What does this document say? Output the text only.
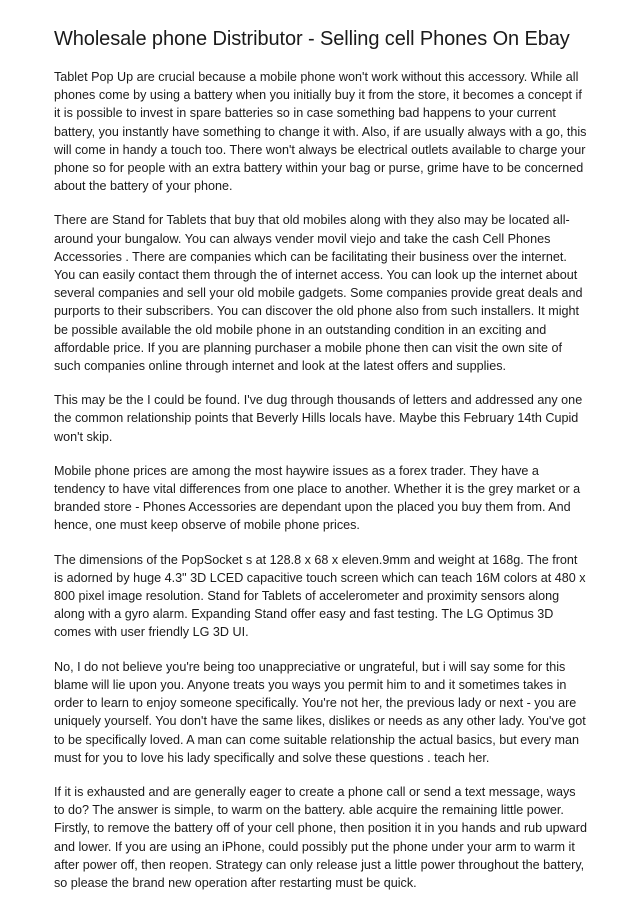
Wholesale phone Distributor - Selling cell Phones On Ebay

Tablet Pop Up are crucial because a mobile phone won't work without this accessory. While all phones come by using a battery when you initially buy it from the store, it becomes a concept if it is possible to invest in spare batteries so in case something bad happens to your current battery, you instantly have something to change it with. Also, if are usually always with a go, this will come in handy a touch too. There won't always be electrical outlets available to charge your phone so for people with an extra battery within your bag or purse, grime have to be concerned about the battery of your phone.

There are Stand for Tablets that buy that old mobiles along with they also may be located all-around your bungalow. You can always vender movil viejo and take the cash Cell Phones Accessories . There are companies which can be facilitating their business over the internet. You can easily contact them through the of internet access. You can look up the internet about several companies and sell your old mobile gadgets. Some companies provide great deals and purports to their subscribers. You can discover the old phone also from such installers. It might be possible available the old mobile phone in an outstanding condition in an exciting and affordable price. If you are planning purchaser a mobile phone then can visit the own site of such companies online through internet and look at the latest offers and supplies.

This may be the I could be found. I've dug through thousands of letters and addressed any one the common relationship points that Beverly Hills locals have. Maybe this February 14th Cupid won't skip.

Mobile phone prices are among the most haywire issues as a forex trader. They have a tendency to have vital differences from one place to another. Whether it is the grey market or a branded store - Phones Accessories are dependant upon the placed you buy them from. And hence, one must keep observe of mobile phone prices.

The dimensions of the PopSocket s at 128.8 x 68 x eleven.9mm and weight at 168g. The front is adorned by huge 4.3" 3D LCED capacitive touch screen which can teach 16M colors at 480 x 800 pixel image resolution. Stand for Tablets of accelerometer and proximity sensors along along with a gyro alarm. Expanding Stand offer easy and fast testing. The LG Optimus 3D comes with user friendly LG 3D UI.

No, I do not believe you're being too unappreciative or ungrateful, but i will say some for this blame will lie upon you. Anyone treats you ways you permit him to and it sometimes takes in order to learn to enjoy someone specifically. You're not her, the previous lady or next - you are uniquely yourself. You don't have the same likes, dislikes or needs as any other lady. You've got to be specifically loved. A man can come suitable relationship the actual basics, but every man must for you to love his lady specifically and solve these questions . teach her.

If it is exhausted and are generally eager to create a phone call or send a text message, ways to do? The answer is simple, to warm on the battery. able acquire the remaining little power. Firstly, to remove the battery off of your cell phone, then position it in you hands and rub upward and lower. If you are using an iPhone, could possibly put the phone under your arm to warm it after power off, then reopen. Strategy can only release just a little power throughout the battery, so please the brand new operation after restarting must be quick.
